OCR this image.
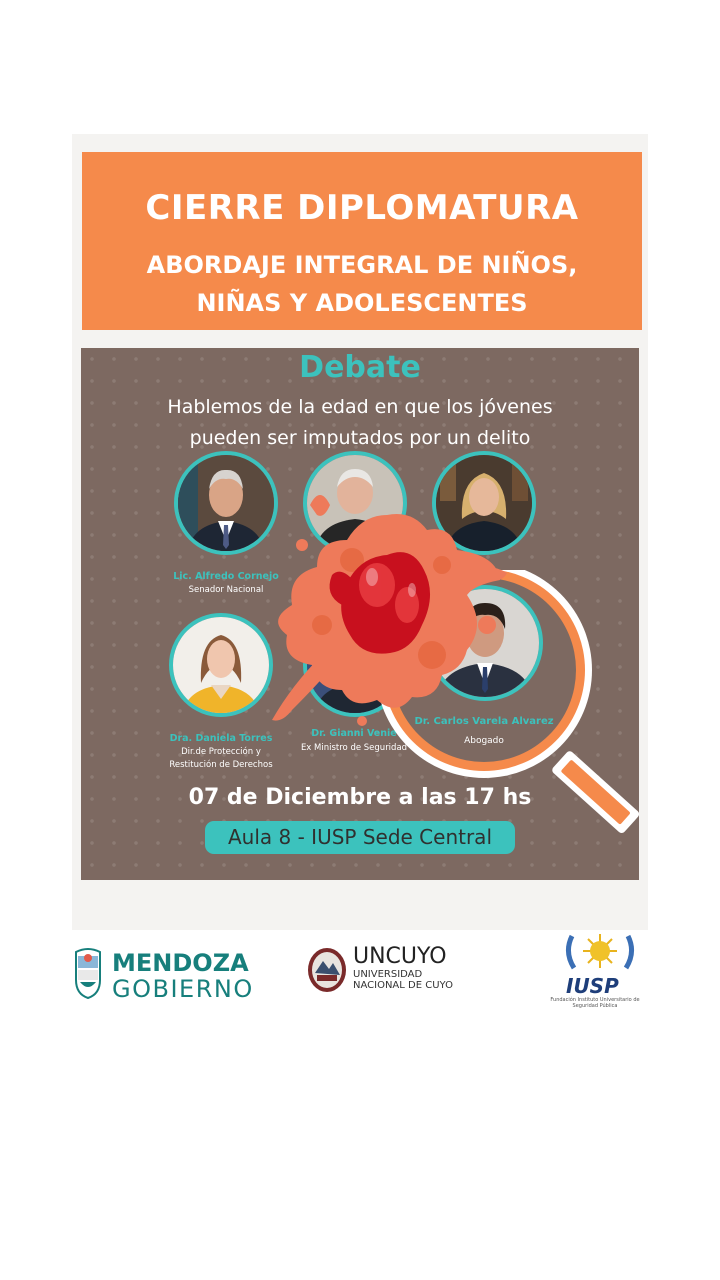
CIERRE DIPLOMATURA
ABORDAJE INTEGRAL DE NIÑOS,
NIÑAS Y ADOLESCENTES
Debate
Hablemos de la edad en que los jóvenes
pueden ser imputados por un delito
Lic. Alfredo Cornejo
Senador Nacional
Dra. Daniela Torres
Dir.de Protección y
Restitución de Derechos
Dr. Gianni Venie
Ex Ministro de Seguridad
07 de Diciembre a las 17 hs
Aula 8 - IUSP Sede Central
Dr. Carlos Varela Alvarez
Abogado
MENDOZA
GOBIERNO
UNCUYO
UNIVERSIDAD
NACIONAL DE CUYO	IUSP
Fundación Instituto Universitario de Seguridad Pública
